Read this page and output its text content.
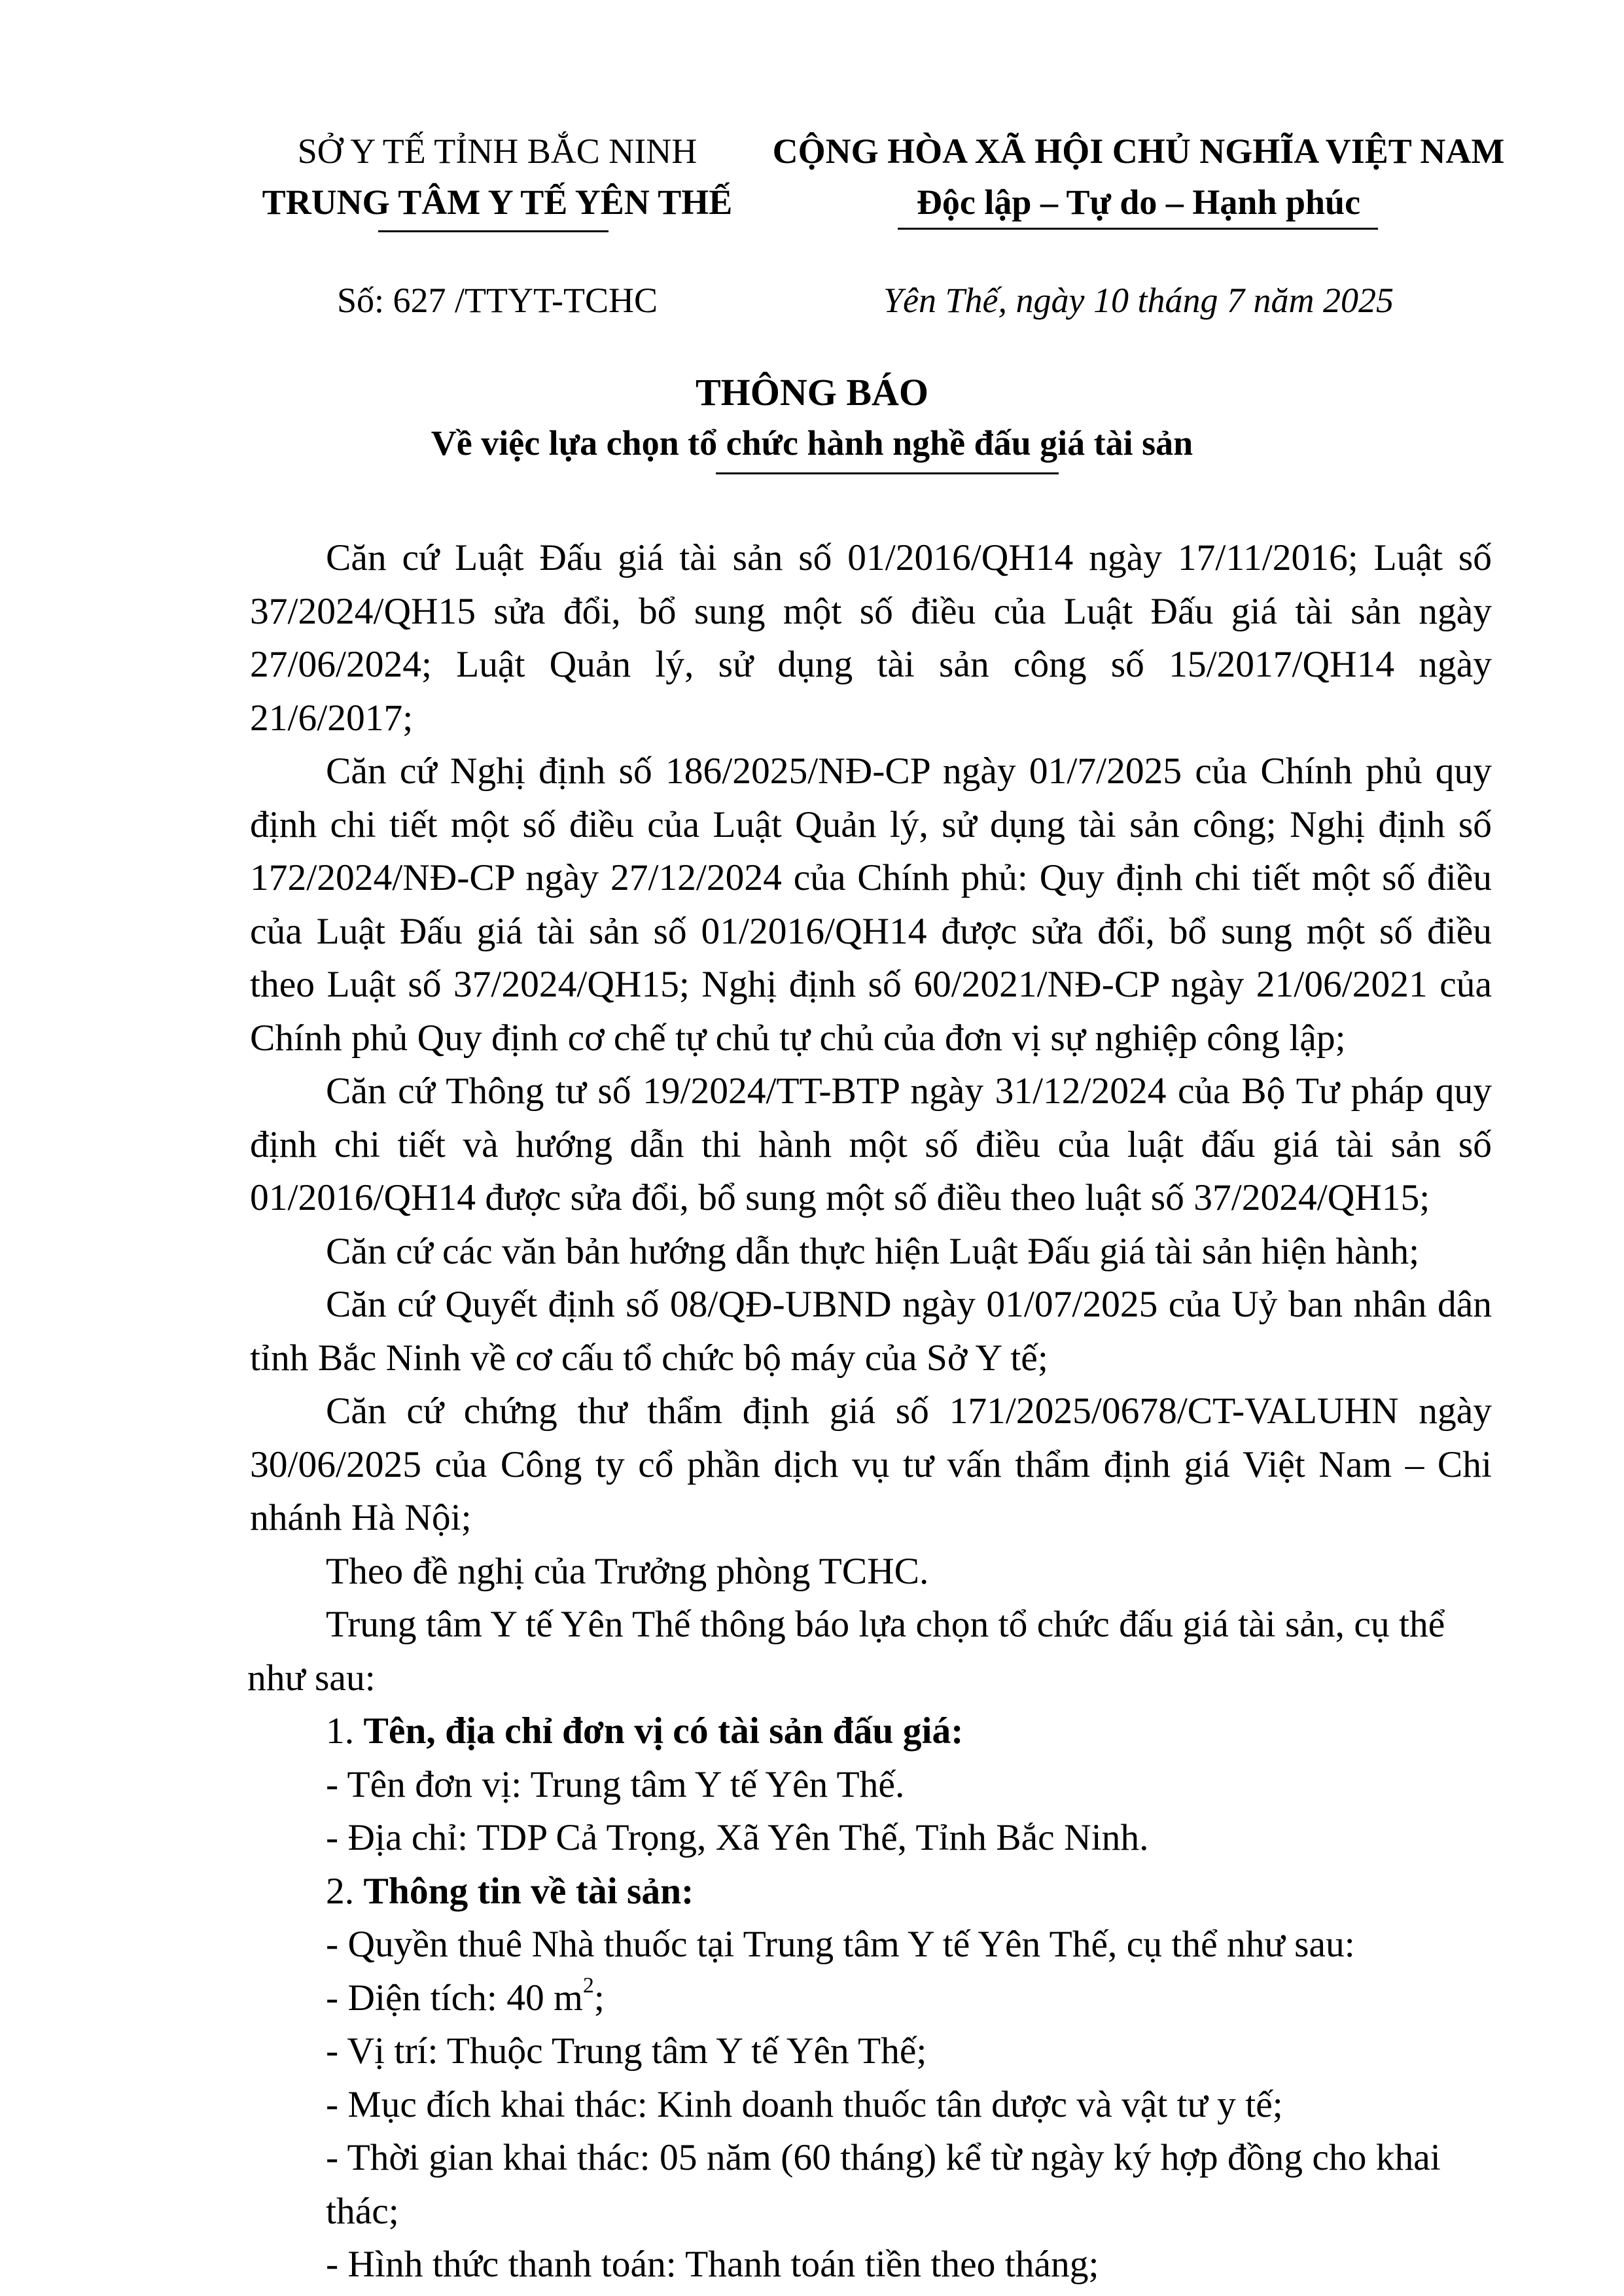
SỞ Y TẾ TỈNH BẮC NINH
TRUNG TÂM Y TẾ YÊN THẾ
CỘNG HÒA XÃ HỘI CHỦ NGHĨA VIỆT NAM
Độc lập – Tự do – Hạnh phúc
Số: 627 /TTYT-TCHC	Yên Thế, ngày 10 tháng 7 năm 2025
THÔNG BÁO
Về việc lựa chọn tổ chức hành nghề đấu giá tài sản

Căn cứ Luật Đấu giá tài sản số 01/2016/QH14 ngày 17/11/2016; Luật số 37/2024/QH15 sửa đổi, bổ sung một số điều của Luật Đấu giá tài sản ngày 27/06/2024; Luật Quản lý, sử dụng tài sản công số 15/2017/QH14 ngày 21/6/2017;

Căn cứ Nghị định số 186/2025/NĐ-CP ngày 01/7/2025 của Chính phủ quy định chi tiết một số điều của Luật Quản lý, sử dụng tài sản công; Nghị định số 172/2024/NĐ-CP ngày 27/12/2024 của Chính phủ: Quy định chi tiết một số điều của Luật Đấu giá tài sản số 01/2016/QH14 được sửa đổi, bổ sung một số điều theo Luật số 37/2024/QH15; Nghị định số 60/2021/NĐ-CP ngày 21/06/2021 của Chính phủ Quy định cơ chế tự chủ tự chủ của đơn vị sự nghiệp công lập;

Căn cứ Thông tư số 19/2024/TT-BTP ngày 31/12/2024 của Bộ Tư pháp quy định chi tiết và hướng dẫn thi hành một số điều của luật đấu giá tài sản số 01/2016/QH14 được sửa đổi, bổ sung một số điều theo luật số 37/2024/QH15;

Căn cứ các văn bản hướng dẫn thực hiện Luật Đấu giá tài sản hiện hành;

Căn cứ Quyết định số 08/QĐ-UBND ngày 01/07/2025 của Uỷ ban nhân dân tỉnh Bắc Ninh về cơ cấu tổ chức bộ máy của Sở Y tế;

Căn cứ chứng thư thẩm định giá số 171/2025/0678/CT-VALUHN ngày 30/06/2025 của Công ty cổ phần dịch vụ tư vấn thẩm định giá Việt Nam – Chi nhánh Hà Nội;

Theo đề nghị của Trưởng phòng TCHC.

Trung tâm Y tế Yên Thế thông báo lựa chọn tổ chức đấu giá tài sản, cụ thể

như sau:

1. Tên, địa chỉ đơn vị có tài sản đấu giá:

- Tên đơn vị: Trung tâm Y tế Yên Thế.

- Địa chỉ: TDP Cả Trọng, Xã Yên Thế, Tỉnh Bắc Ninh.

2. Thông tin về tài sản:

- Quyền thuê Nhà thuốc tại Trung tâm Y tế Yên Thế, cụ thể như sau:

- Diện tích: 40 $m^2$;

- Vị trí: Thuộc Trung tâm Y tế Yên Thế;

- Mục đích khai thác: Kinh doanh thuốc tân dược và vật tư y tế;

- Thời gian khai thác: 05 năm (60 tháng) kể từ ngày ký hợp đồng cho khai thác;

- Hình thức thanh toán: Thanh toán tiền theo tháng;
